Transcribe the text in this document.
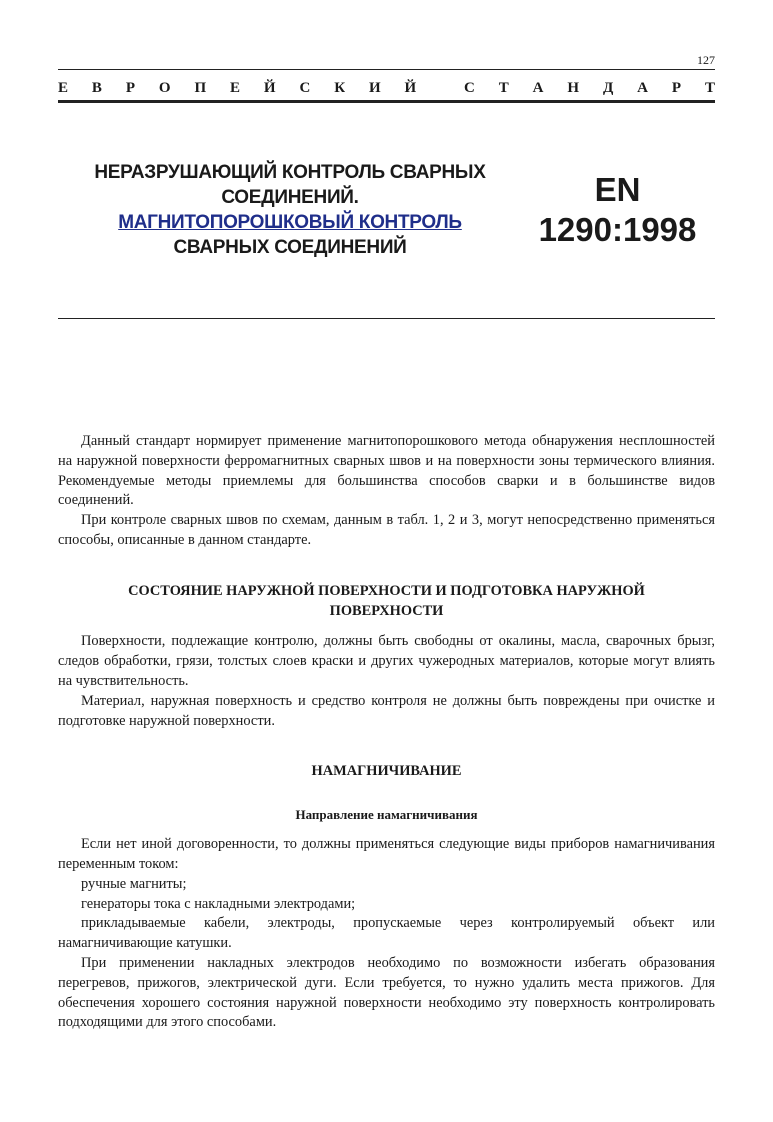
127
Е В Р О П Е Й С К И Й	С Т А Н Д А Р Т
НЕРАЗРУШАЮЩИЙ КОНТРОЛЬ СВАРНЫХ
СОЕДИНЕНИЙ.
МАГНИТОПОРОШКОВЫЙ КОНТРОЛЬ
СВАРНЫХ СОЕДИНЕНИЙ
EN
1290:1998

Данный стандарт нормирует применение магнитопорошкового метода обнаружения несплошностей на наружной поверхности ферромагнитных сварных швов и на поверхности зоны термического влияния. Рекомендуемые методы приемлемы для большинства способов сварки и в большинстве видов соединений.

При контроле сварных швов по схемам, данным в табл. 1, 2 и 3, могут непосредственно применяться способы, описанные в данном стандарте.

СОСТОЯНИЕ НАРУЖНОЙ ПОВЕРХНОСТИ И ПОДГОТОВКА НАРУЖНОЙ
ПОВЕРХНОСТИ

Поверхности, подлежащие контролю, должны быть свободны от окалины, масла, сварочных брызг, следов обработки, грязи, толстых слоев краски и других чужеродных материалов, которые могут влиять на чувствительность.

Материал, наружная поверхность и средство контроля не должны быть повреждены при очистке и подготовке наружной поверхности.

НАМАГНИЧИВАНИЕ
Направление намагничивания

Если нет иной договоренности, то должны применяться следующие виды приборов намагничивания переменным током:

ручные магниты;

генераторы тока с накладными электродами;

прикладываемые кабели, электроды, пропускаемые через контролируемый объект или намагничивающие катушки.

При применении накладных электродов необходимо по возможности избегать образования перегревов, прижогов, электрической дуги. Если требуется, то нужно удалить места прижогов. Для обеспечения хорошего состояния наружной поверхности необходимо эту поверхность контролировать подходящими для этого способами.
